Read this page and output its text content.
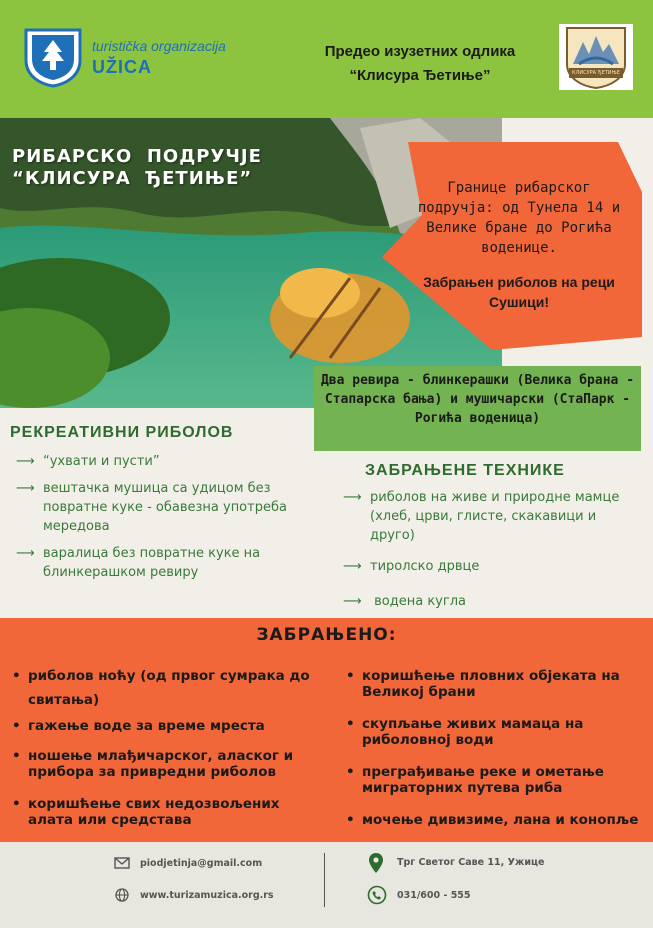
turistička organizacija
UŽICA
Предео изузетних одлика
“Клисура Ђетиње”	КЛИСУРА ЂЕТИЊЕ
РИБАРСКО  ПОДРУЧЈЕ
“КЛИСУРА  ЂЕТИЊЕ”	Границе рибарског подручја: од Тунела 14 и Велике бране до Рогића воденице.
Забрањен риболов на реци Сушици!
Два ревира - блинкерашки (Велика брана - Стапарска бања) и мушичарски (СтаПарк - Рогића воденица)
РЕКРЕАТИВНИ РИБОЛОВ
⟶ “ухвати и пусти”
⟶ вештачка мушица са удицом без повратне куке - обавезна употреба мередова
⟶ варалица без повратне куке на блинкерашком ревиру
ЗАБРАЊЕНЕ ТЕХНИКЕ
⟶ риболов на живе и природне мамце (хлеб, црви, глисте, скакавици и друго)
⟶ тиролско дрвце
⟶ водена кугла
ЗАБРАЊЕНО:
• риболов ноћу (од првог сумрака до свитања)
• гажење воде за време мреста
• ношење млађичарског, аласког и прибора за привредни риболов
• коришћење свих недозвољених алата или средстава
• коришћење пловних објеката на Великој брани
• скупљање живих мамаца на риболовној води
• преграђивање реке и ометање миграторних путева риба
• мочење дивизиме, лана и конопље
piodjetinja@gmail.com
www.turizamuzica.org.rs
Трг Светог Саве 11, Ужице
031/600 - 555
